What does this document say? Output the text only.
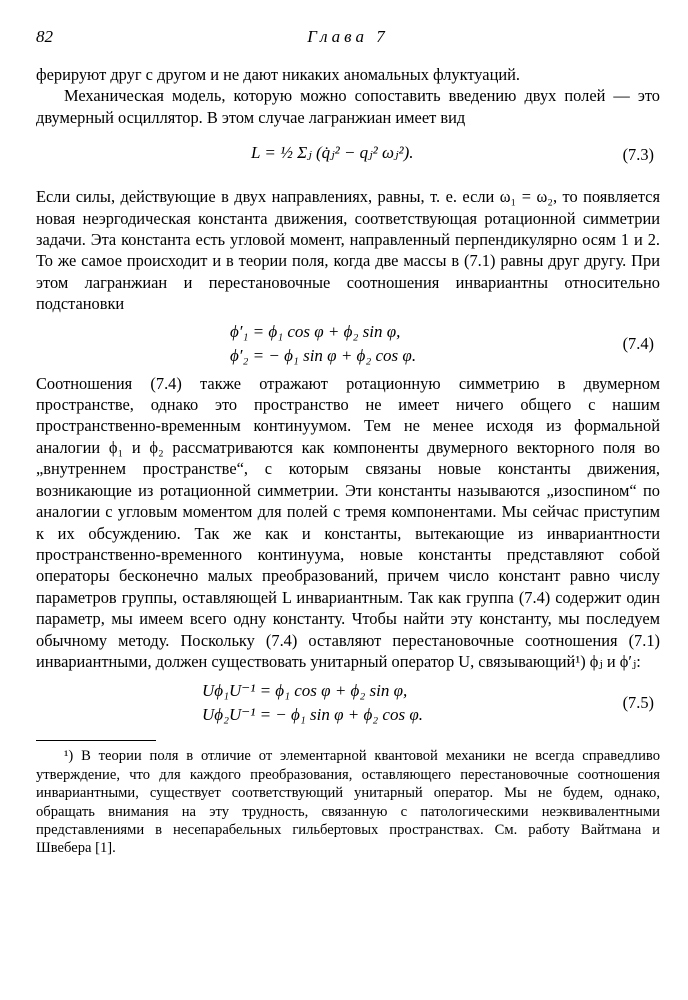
82	Глава 7

ферируют друг с другом и не дают никаких аномальных флуктуаций.

Механическая модель, которую можно сопоставить введению двух полей — это двумерный осциллятор. В этом случае лагранжиан имеет вид

L = ½ Σⱼ (q̇ⱼ² − qⱼ² ωⱼ²).	(7.3)

Если силы, действующие в двух направлениях, равны, т. е. если ω₁ = ω₂, то появляется новая неэргодическая константа движения, соответствующая ротационной симметрии задачи. Эта константа есть угловой момент, направленный перпендикулярно осям 1 и 2. То же самое происходит и в теории поля, когда две массы в (7.1) равны друг другу. При этом лагранжиан и перестановочные соотношения инвариантны относительно подстановки

ϕ′₁ = ϕ₁ cos φ + ϕ₂ sin φ,
ϕ′₂ = − ϕ₁ sin φ + ϕ₂ cos φ.
(7.4)

Соотношения (7.4) также отражают ротационную симметрию в двумерном пространстве, однако это пространство не имеет ничего общего с нашим пространственно-временным континуумом. Тем не менее исходя из формальной аналогии ϕ₁ и ϕ₂ рассматриваются как компоненты двумерного векторного поля во „внутреннем пространстве“, с которым связаны новые константы движения, возникающие из ротационной симметрии. Эти константы называются „изоспином“ по аналогии с угловым моментом для полей с тремя компонентами. Мы сейчас приступим к их обсуждению. Так же как и константы, вытекающие из инвариантности пространственно-временного континуума, новые константы представляют собой операторы бесконечно малых преобразований, причем число констант равно числу параметров группы, оставляющей L инвариантным. Так как группа (7.4) содержит один параметр, мы имеем всего одну константу. Чтобы найти эту константу, мы последуем обычному методу. Поскольку (7.4) оставляют перестановочные соотношения (7.1) инвариантными, должен существовать унитарный оператор U, связывающий¹) ϕⱼ и ϕ′ⱼ:

Uϕ₁U⁻¹ = ϕ₁ cos φ + ϕ₂ sin φ,
Uϕ₂U⁻¹ = − ϕ₁ sin φ + ϕ₂ cos φ.
(7.5)

¹) В теории поля в отличие от элементарной квантовой механики не всегда справедливо утверждение, что для каждого преобразования, оставляющего перестановочные соотношения инвариантными, существует соответствующий унитарный оператор. Мы не будем, однако, обращать внимания на эту трудность, связанную с патологическими неэквивалентными представлениями в несепарабельных гильбертовых пространствах. См. работу Вайтмана и Швебера [1].
